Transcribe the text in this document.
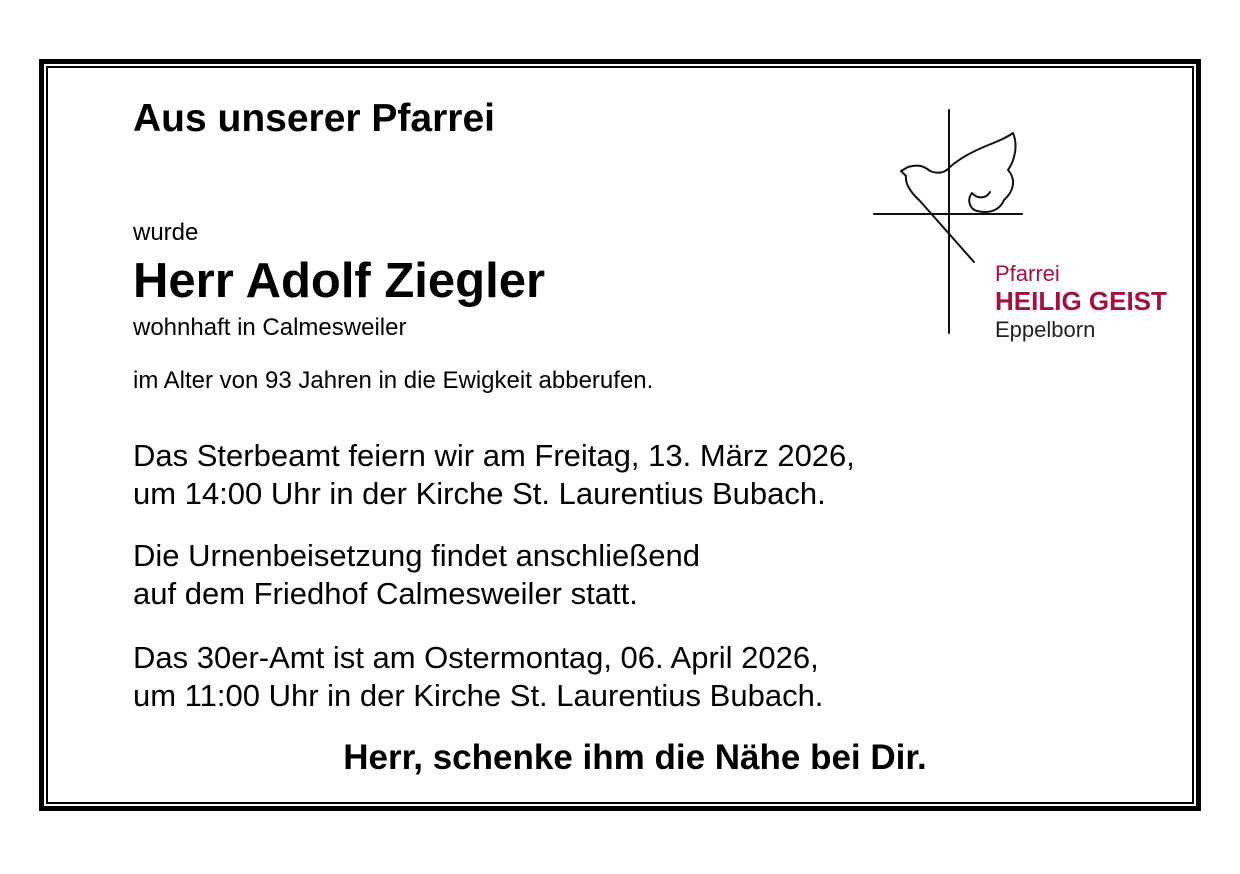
Aus unserer Pfarrei
wurde
Herr Adolf Ziegler
wohnhaft in Calmesweiler
im Alter von 93 Jahren in die Ewigkeit abberufen.
Das Sterbeamt feiern wir am Freitag, 13. März 2026,
um 14:00 Uhr in der Kirche St. Laurentius Bubach.
Die Urnenbeisetzung findet anschließend
auf dem Friedhof Calmesweiler statt.
Das 30er-Amt ist am Ostermontag, 06. April 2026,
um 11:00 Uhr in der Kirche St. Laurentius Bubach.
Herr, schenke ihm die Nähe bei Dir.
Pfarrei
HEILIG GEIST
Eppelborn
